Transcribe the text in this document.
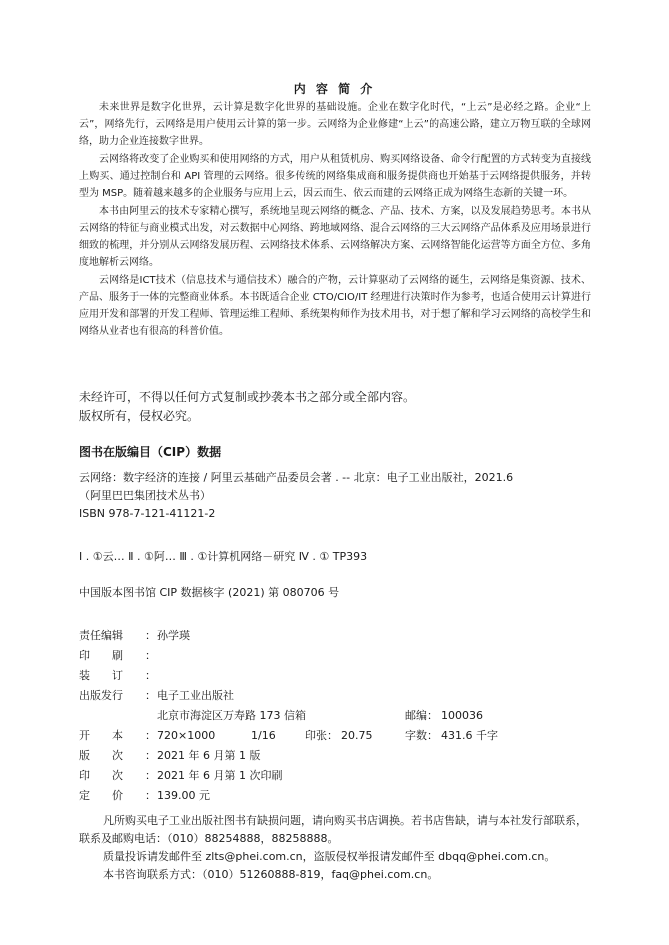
内 容 简 介

未来世界是数字化世界，云计算是数字化世界的基础设施。企业在数字化时代，“上云”是必经之路。企业“上云”，网络先行，云网络是用户使用云计算的第一步。云网络为企业修建“上云”的高速公路，建立万物互联的全球网络，助力企业连接数字世界。

云网络将改变了企业购买和使用网络的方式，用户从租赁机房、购买网络设备、命令行配置的方式转变为直接线上购买、通过控制台和 API 管理的云网络。很多传统的网络集成商和服务提供商也开始基于云网络提供服务，并转型为 MSP。随着越来越多的企业服务与应用上云，因云而生、依云而建的云网络正成为网络生态新的关键一环。

本书由阿里云的技术专家精心撰写，系统地呈现云网络的概念、产品、技术、方案，以及发展趋势思考。本书从云网络的特征与商业模式出发，对云数据中心网络、跨地域网络、混合云网络的三大云网络产品体系及应用场景进行细致的梳理，并分别从云网络发展历程、云网络技术体系、云网络解决方案、云网络智能化运营等方面全方位、多角度地解析云网络。

云网络是ICT技术（信息技术与通信技术）融合的产物，云计算驱动了云网络的诞生，云网络是集资源、技术、产品、服务于一体的完整商业体系。本书既适合企业 CTO/CIO/IT 经理进行决策时作为参考，也适合使用云计算进行应用开发和部署的开发工程师、管理运维工程师、系统架构师作为技术用书，对于想了解和学习云网络的高校学生和网络从业者也有很高的科普价值。

未经许可，不得以任何方式复制或抄袭本书之部分或全部内容。
版权所有，侵权必究。
图书在版编目（CIP）数据
云网络：数字经济的连接 / 阿里云基础产品委员会著 . -- 北京：电子工业出版社，2021.6
（阿里巴巴集团技术丛书）
ISBN 978-7-121-41121-2
Ⅰ . ①云… Ⅱ . ①阿… Ⅲ . ①计算机网络－研究 Ⅳ . ① TP393
中国版本图书馆 CIP 数据核字 (2021) 第 080706 号
责任编辑 ： 孙学瑛
印　　刷 ：
装　　订 ：
出版发行 ： 电子工业出版社
北京市海淀区万寿路 173 信箱	邮编： 100036
开　　本 ： 720×1000	1/16	印张： 20.75	字数： 431.6 千字
版　　次 ： 2021 年 6 月第 1 版
印　　次 ： 2021 年 6 月第 1 次印刷
定　　价 ： 139.00 元

凡所购买电子工业出版社图书有缺损问题，请向购买书店调换。若书店售缺，请与本社发行部联系，联系及邮购电话：（010）88254888，88258888。

质量投诉请发邮件至 zlts@phei.com.cn，盗版侵权举报请发邮件至 dbqq@phei.com.cn。

本书咨询联系方式：（010）51260888-819，faq@phei.com.cn。
